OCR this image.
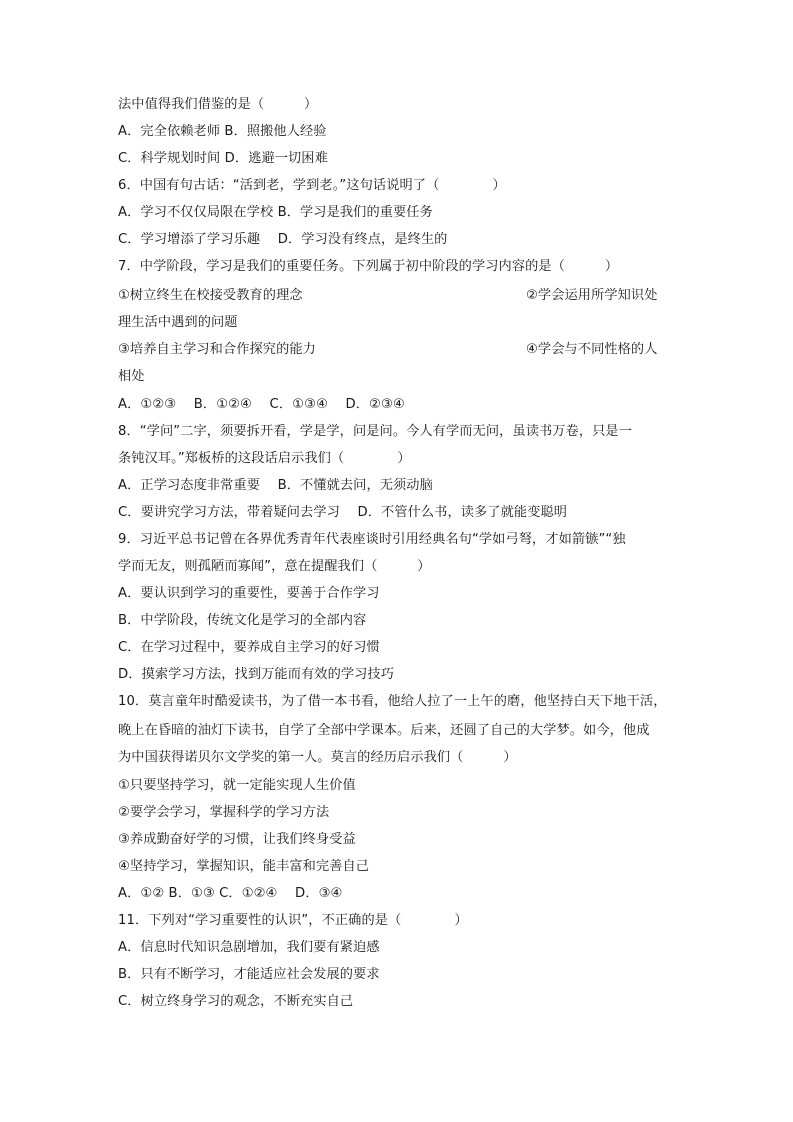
法中值得我们借鉴的是（　　　）
A．完全依赖老师 B．照搬他人经验
C．科学规划时间 D．逃避一切困难
6．中国有句古话：“活到老，学到老。”这句话说明了（　　　　）
A．学习不仅仅局限在学校 B．学习是我们的重要任务
C．学习增添了学习乐趣　 D．学习没有终点，是终生的
7．中学阶段，学习是我们的重要任务。下列属于初中阶段的学习内容的是（　　　）
①树立终生在校接受教育的理念	②学会运用所学知识处
理生活中遇到的问题
③培养自主学习和合作探究的能力	④学会与不同性格的人
相处
A．①②③　 B．①②④　 C．①③④　 D．②③④
8．“学问”二字，须要拆开看，学是学，问是问。今人有学而无问，虽读书万卷，只是一
条钝汉耳。”郑板桥的这段话启示我们（　　　　）
A．正学习态度非常重要　 B．不懂就去问，无须动脑
C．要讲究学习方法，带着疑问去学习　 D．不管什么书，读多了就能变聪明
9．习近平总书记曾在各界优秀青年代表座谈时引用经典名句“学如弓弩，才如箭镞”“独
学而无友，则孤陋而寡闻”，意在提醒我们（　　　）
A．要认识到学习的重要性，要善于合作学习
B．中学阶段，传统文化是学习的全部内容
C．在学习过程中，要养成自主学习的好习惯
D．摸索学习方法，找到万能而有效的学习技巧
10．莫言童年时酷爱读书，为了借一本书看，他给人拉了一上午的磨，他坚持白天下地干活，
晚上在昏暗的油灯下读书，自学了全部中学课本。后来，还圆了自己的大学梦。如今，他成
为中国获得诺贝尔文学奖的第一人。莫言的经历启示我们（　　　）
①只要坚持学习，就一定能实现人生价值
②要学会学习，掌握科学的学习方法
③养成勤奋好学的习惯，让我们终身受益
④坚持学习，掌握知识，能丰富和完善自己
A．①② B．①③ C．①②④　 D．③④
11．下列对“学习重要性的认识”，不正确的是（　　　　）
A．信息时代知识急剧增加，我们要有紧迫感
B．只有不断学习，才能适应社会发展的要求
C．树立终身学习的观念，不断充实自己
